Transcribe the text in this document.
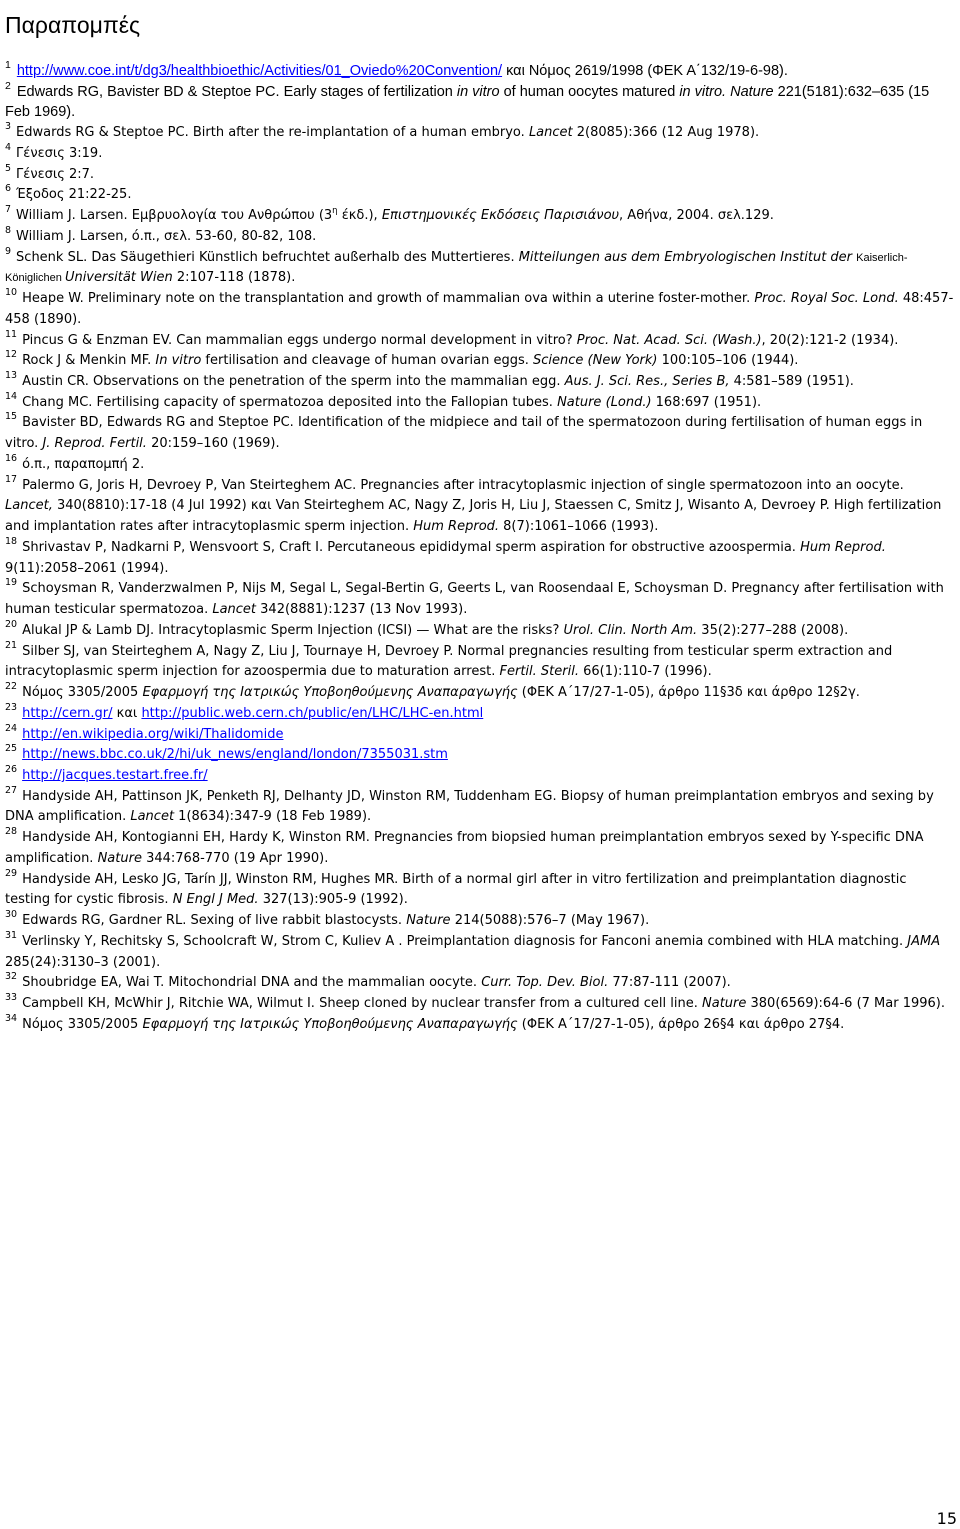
Παραπομπές

$^1$ http://www.coe.int/t/dg3/healthbioethic/Activities/01_Oviedo%20Convention/ και Νόμος 2619/1998 (ΦΕΚ Α΄132/19-6-98).

$^2$ Edwards RG, Bavister BD & Steptoe PC. Early stages of fertilization in vitro of human oocytes matured in vitro. Nature 221(5181):632–635 (15 Feb 1969).

$^3$ Edwards RG & Steptoe PC. Birth after the re-implantation of a human embryo. Lancet 2(8085):366 (12 Aug 1978).

$^4$ Γένεσις 3:19.

$^5$ Γένεσις 2:7.

$^6$ Έξοδος 21:22-25.

$^7$ William J. Larsen. Εμβρυολογία του Ανθρώπου ($3^\eta$ έκδ.), Επιστημονικές Εκδόσεις Παρισιάνου, Αθήνα, 2004. σελ.129.

$^8$ William J. Larsen, ό.π., σελ. 53-60, 80-82, 108.

$^9$ Schenk SL. Das Säugethieri Künstlich befruchtet außerhalb des Muttertieres. Mitteilungen aus dem Embryologischen Institut der Kaiserlich-Königlichen Universität Wien 2:107-118 (1878).

$^{10}$ Heape W. Preliminary note on the transplantation and growth of mammalian ova within a uterine foster-mother. Proc. Royal Soc. Lond. 48:457-458 (1890).

$^{11}$ Pincus G & Enzman EV. Can mammalian eggs undergo normal development in vitro? Proc. Nat. Acad. Sci. (Wash.), 20(2):121-2 (1934).

$^{12}$ Rock J & Menkin MF. In vitro fertilisation and cleavage of human ovarian eggs. Science (New York) 100:105–106 (1944).

$^{13}$ Austin CR. Observations on the penetration of the sperm into the mammalian egg. Aus. J. Sci. Res., Series B, 4:581–589 (1951).

$^{14}$ Chang MC. Fertilising capacity of spermatozoa deposited into the Fallopian tubes. Nature (Lond.) 168:697 (1951).

$^{15}$ Bavister BD, Edwards RG and Steptoe PC. Identification of the midpiece and tail of the spermatozoon during fertilisation of human eggs in vitro. J. Reprod. Fertil. 20:159–160 (1969).

$^{16}$ ό.π., παραπομπή 2.

$^{17}$ Palermo G, Joris H, Devroey P, Van Steirteghem AC. Pregnancies after intracytoplasmic injection of single spermatozoon into an oocyte. Lancet, 340(8810):17-18 (4 Jul 1992) και Van Steirteghem AC, Nagy Z, Joris H, Liu J, Staessen C, Smitz J, Wisanto A, Devroey P. High fertilization and implantation rates after intracytoplasmic sperm injection. Hum Reprod. 8(7):1061–1066 (1993).

$^{18}$ Shrivastav P, Nadkarni P, Wensvoort S, Craft I. Percutaneous epididymal sperm aspiration for obstructive azoospermia. Hum Reprod. 9(11):2058–2061 (1994).

$^{19}$ Schoysman R, Vanderzwalmen P, Nijs M, Segal L, Segal-Bertin G, Geerts L, van Roosendaal E, Schoysman D. Pregnancy after fertilisation with human testicular spermatozoa. Lancet 342(8881):1237 (13 Nov 1993).

$^{20}$ Alukal JP & Lamb DJ. Intracytoplasmic Sperm Injection (ICSI) — What are the risks? Urol. Clin. North Am. 35(2):277–288 (2008).

$^{21}$ Silber SJ, van Steirteghem A, Nagy Z, Liu J, Tournaye H, Devroey P. Normal pregnancies resulting from testicular sperm extraction and intracytoplasmic sperm injection for azoospermia due to maturation arrest. Fertil. Steril. 66(1):110-7 (1996).

$^{22}$ Νόμος 3305/2005 Εφαρμογή της Ιατρικώς Υποβοηθούμενης Αναπαραγωγής (ΦΕΚ Α΄17/27-1-05), άρθρο 11§3δ και άρθρο 12§2γ.

$^{23}$ http://cern.gr/ και http://public.web.cern.ch/public/en/LHC/LHC-en.html

$^{24}$ http://en.wikipedia.org/wiki/Thalidomide

$^{25}$ http://news.bbc.co.uk/2/hi/uk_news/england/london/7355031.stm

$^{26}$ http://jacques.testart.free.fr/

$^{27}$ Handyside AH, Pattinson JK, Penketh RJ, Delhanty JD, Winston RM, Tuddenham EG. Biopsy of human preimplantation embryos and sexing by DNA amplification. Lancet 1(8634):347-9 (18 Feb 1989).

$^{28}$ Handyside AH, Kontogianni EH, Hardy K, Winston RM. Pregnancies from biopsied human preimplantation embryos sexed by Y-specific DNA amplification. Nature 344:768-770 (19 Apr 1990).

$^{29}$ Handyside AH, Lesko JG, Tarín JJ, Winston RM, Hughes MR. Birth of a normal girl after in vitro fertilization and preimplantation diagnostic testing for cystic fibrosis. N Engl J Med. 327(13):905-9 (1992).

$^{30}$ Edwards RG, Gardner RL. Sexing of live rabbit blastocysts. Nature 214(5088):576–7 (May 1967).

$^{31}$ Verlinsky Y, Rechitsky S, Schoolcraft W, Strom C, Kuliev A . Preimplantation diagnosis for Fanconi anemia combined with HLA matching. JAMA 285(24):3130–3 (2001).

$^{32}$ Shoubridge EA, Wai T. Mitochondrial DNA and the mammalian oocyte. Curr. Top. Dev. Biol. 77:87-111 (2007).

$^{33}$ Campbell KH, McWhir J, Ritchie WA, Wilmut I. Sheep cloned by nuclear transfer from a cultured cell line. Nature 380(6569):64-6 (7 Mar 1996).

$^{34}$ Νόμος 3305/2005 Εφαρμογή της Ιατρικώς Υποβοηθούμενης Αναπαραγωγής (ΦΕΚ Α΄17/27-1-05), άρθρο 26§4 και άρθρο 27§4.

15
